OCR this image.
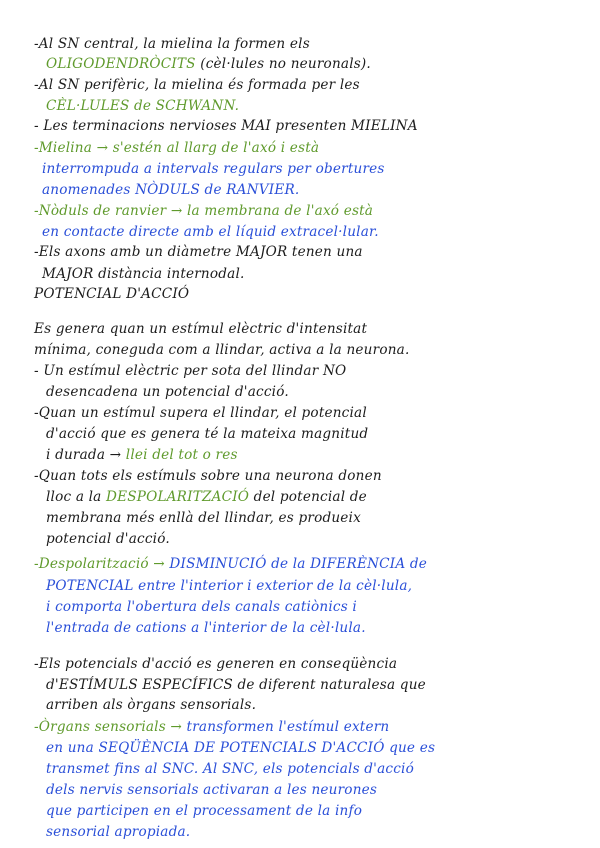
-Al SN central, la mielina la formen els
OLIGODENDRÒCITS (cèl·lules no neuronals).
-Al SN perifèric, la mielina és formada per les
CÈL·LULES de SCHWANN.
- Les terminacions nervioses MAI presenten MIELINA
-Mielina → s'estén al llarg de l'axó i està
interrompuda a intervals regulars per obertures
anomenades NÒDULS de RANVIER.
-Nòduls de ranvier → la membrana de l'axó està
en contacte directe amb el líquid extracel·lular.
-Els axons amb un diàmetre MAJOR tenen una
MAJOR distància internodal.
POTENCIAL D'ACCIÓ
Es genera quan un estímul elèctric d'intensitat
mínima, coneguda com a llindar, activa a la neurona.
- Un estímul elèctric per sota del llindar NO
desencadena un potencial d'acció.
-Quan un estímul supera el llindar, el potencial
d'acció que es genera té la mateixa magnitud
i durada → llei del tot o res
-Quan tots els estímuls sobre una neurona donen
lloc a la DESPOLARITZACIÓ del potencial de
membrana més enllà del llindar, es produeix
potencial d'acció.
-Despolarització → DISMINUCIÓ de la DIFERÈNCIA de
POTENCIAL entre l'interior i exterior de la cèl·lula,
i comporta l'obertura dels canals catiònics i
l'entrada de cations a l'interior de la cèl·lula.
-Els potencials d'acció es generen en conseqüència
d'ESTÍMULS ESPECÍFICS de diferent naturalesa que
arriben als òrgans sensorials.
-Òrgans sensorials → transformen l'estímul extern
en una SEQÜÈNCIA DE POTENCIALS D'ACCIÓ que es
transmet fins al SNC. Al SNC, els potencials d'acció
dels nervis sensorials activaran a les neurones
que participen en el processament de la info
sensorial apropiada.
